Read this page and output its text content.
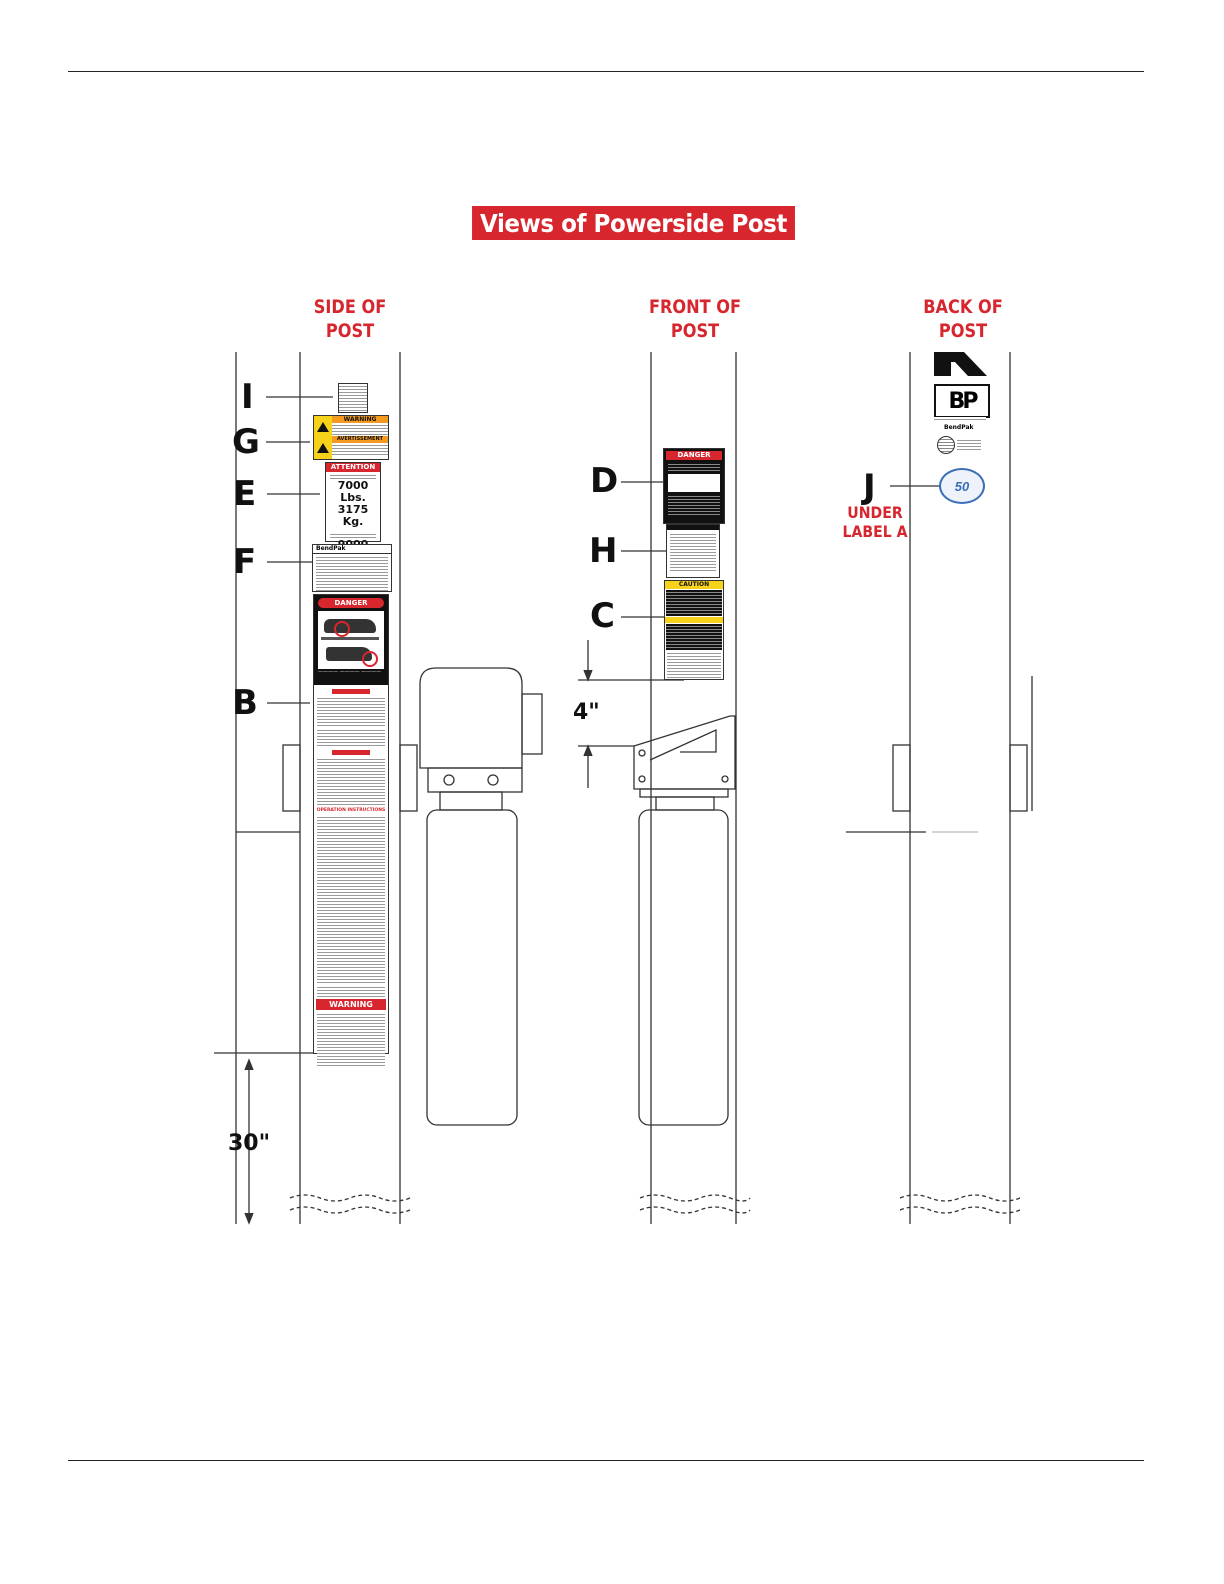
Views of Powerside Post
SIDE OF
POST
FRONT OF
POST
BACK OF
POST
I
G
E
F
B
D
H
C
J
UNDER
LABEL A
4"
30"
WARNING
AVERTISSEMENT
ATTENTION
7000 Lbs.
3175 Kg.
BendPak
DANGER
———— ———— ————
OPERATION INSTRUCTIONS
WARNING
DANGER
CAUTION
BP
BendPak
50
